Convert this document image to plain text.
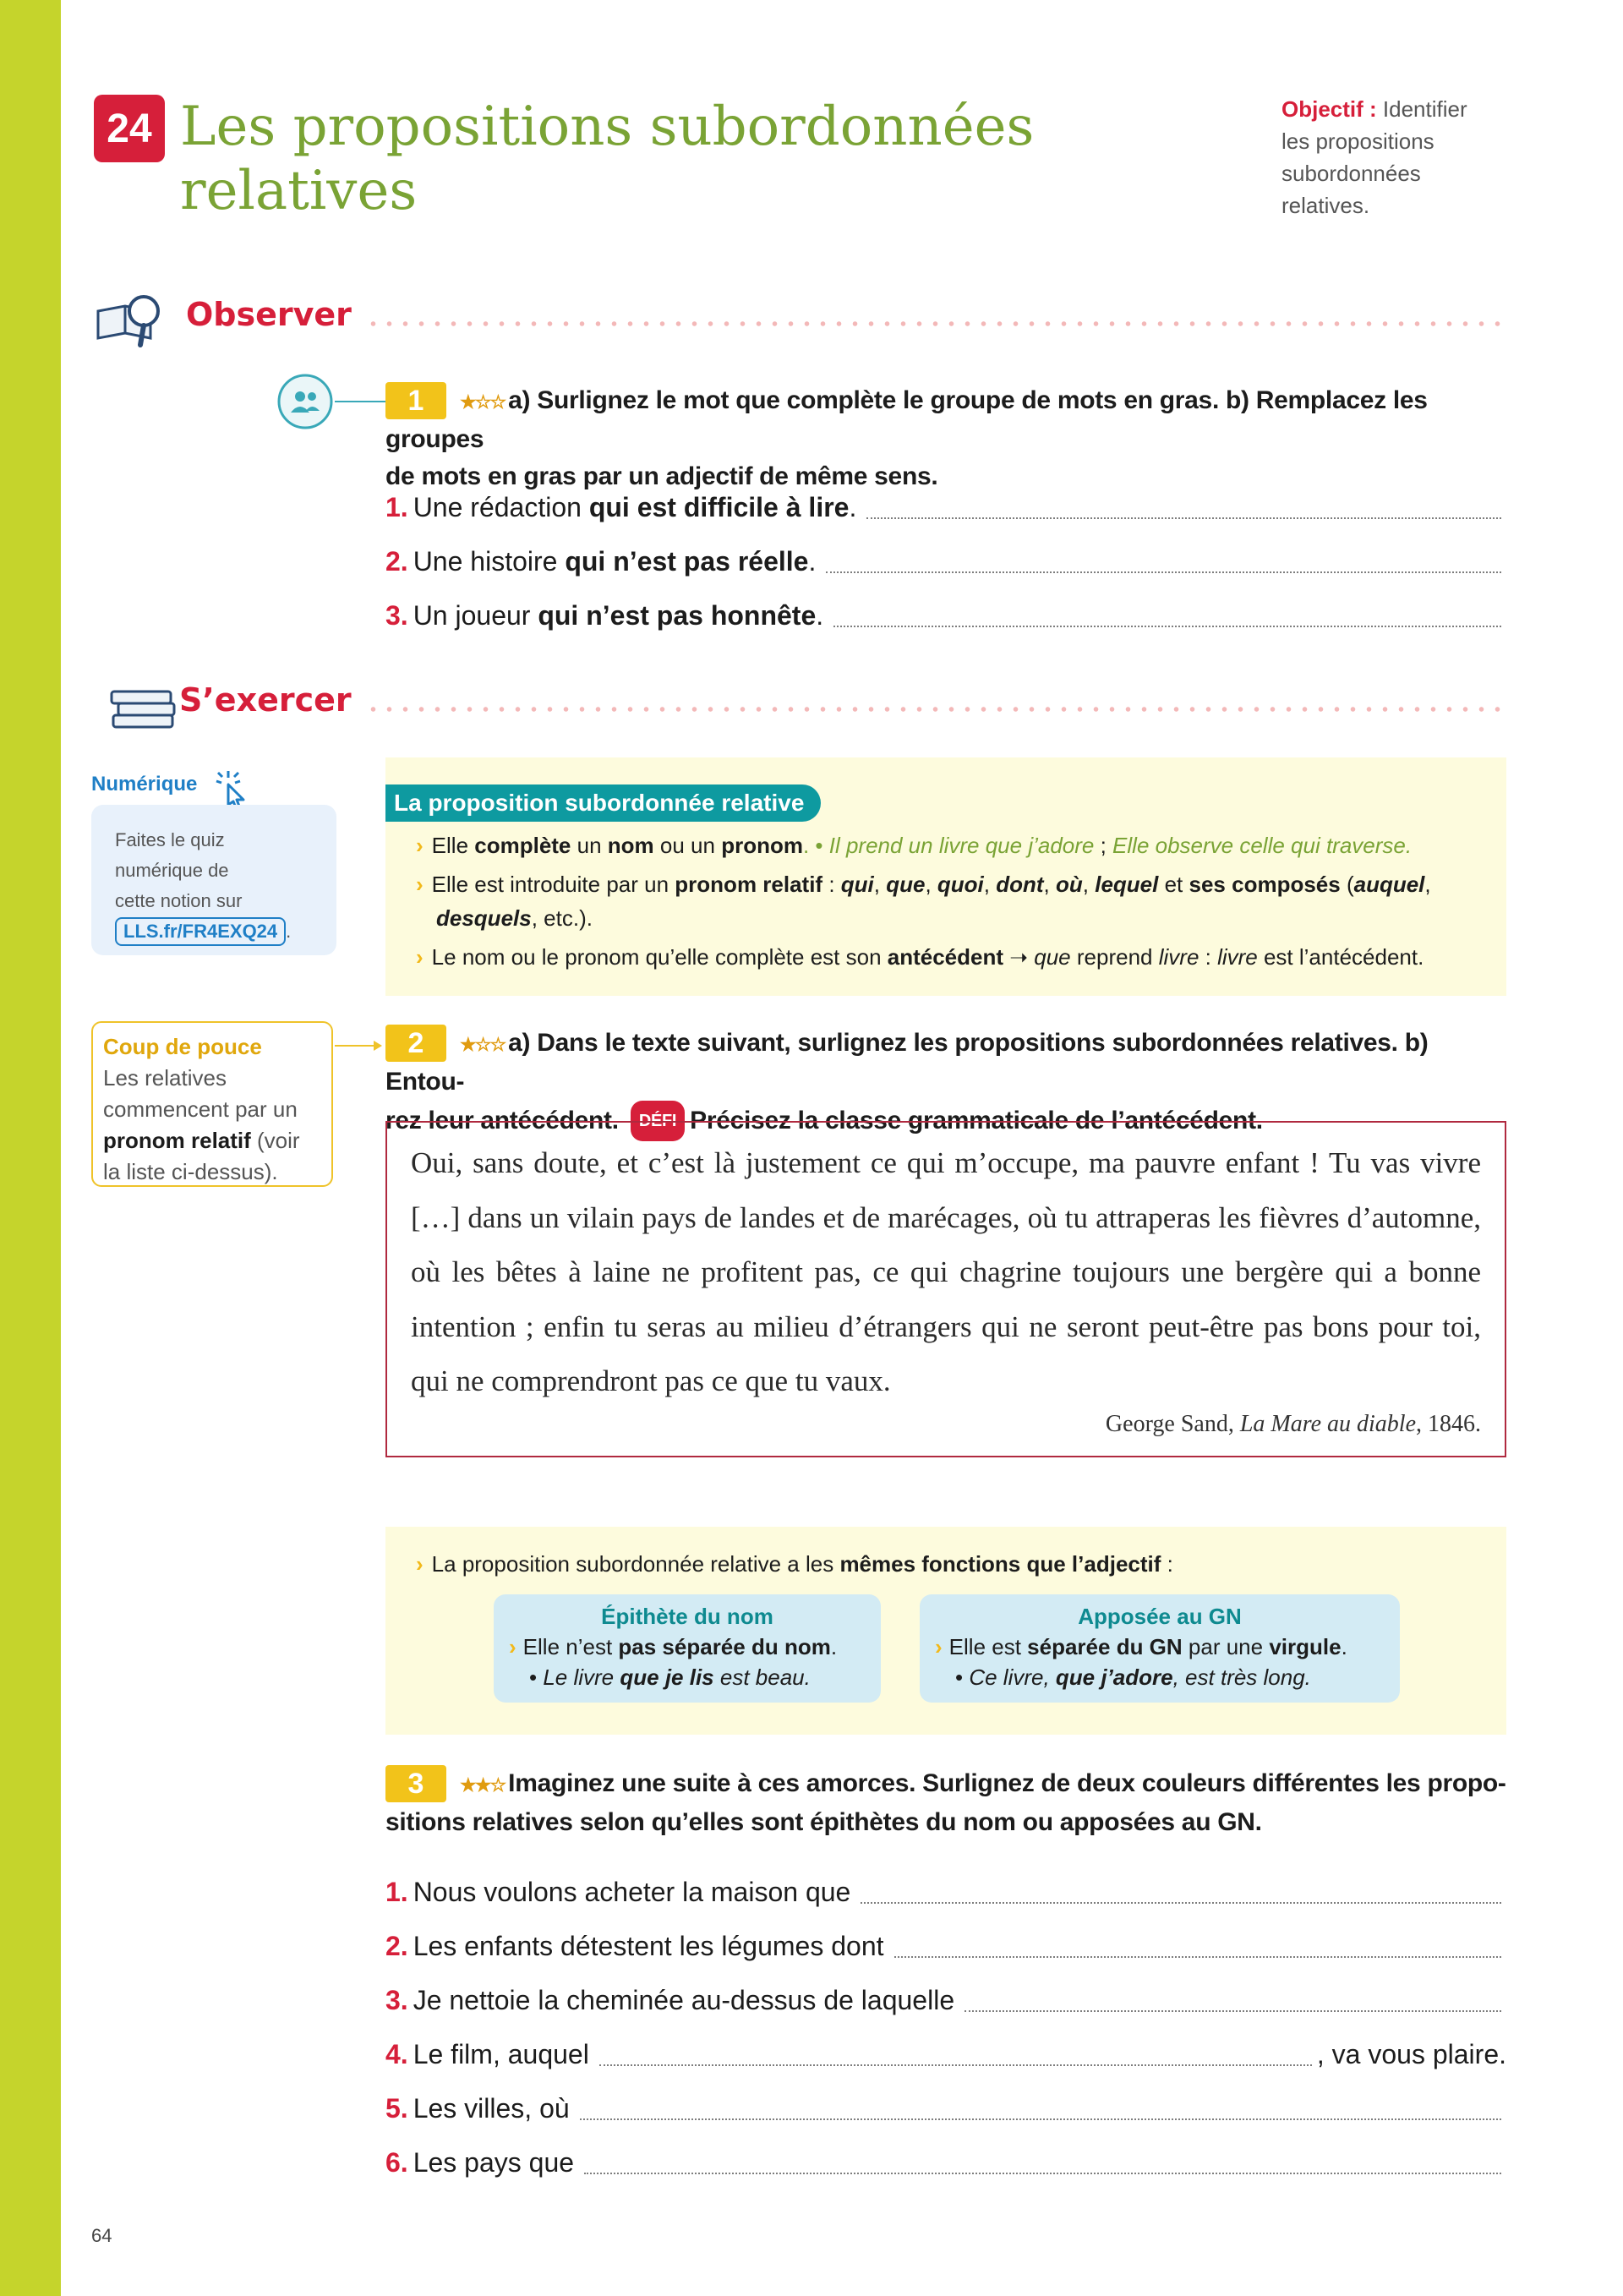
24 Les propositions subordonnées
relatives
Objectif : Identifier
les propositions
subordonnées
relatives.
Observer
1	★☆☆ a) Surlignez le mot que complète le groupe de mots en gras. b) Remplacez les groupes
de mots en gras par un adjectif de même sens.
1. Une rédaction qui est difficile à lire .
2. Une histoire qui n’est pas réelle .
3. Un joueur qui n’est pas honnête .
S’exercer
Numérique
Faites le quiz
numérique de
cette notion sur
LLS.fr/FR4EXQ24 .
La proposition subordonnée relative
› Elle complète un nom ou un pronom. • Il prend un livre que j’adore ; Elle observe celle qui traverse.
› Elle est introduite par un pronom relatif : qui, que, quoi, dont, où, lequel et ses composés (auquel,
desquels, etc.).
› Le nom ou le pronom qu’elle complète est son antécédent ➝ que reprend livre : livre est l’antécédent.
Coup de pouce
Les relatives
commencent par un
pronom relatif (voir
la liste ci-dessus).
2	★☆☆ a) Dans le texte suivant, surlignez les propositions subordonnées relatives. b) Entou-
rez leur antécédent. DÉFI Précisez la classe grammaticale de l’antécédent.

Oui, sans doute, et c’est là justement ce qui m’occupe, ma pauvre enfant ! Tu vas vivre

[…] dans un vilain pays de landes et de marécages, où tu attraperas les fièvres d’automne,

où les bêtes à laine ne profitent pas, ce qui chagrine toujours une bergère qui a bonne

intention ; enfin tu seras au milieu d’étrangers qui ne seront peut-être pas bons pour toi,

qui ne comprendront pas ce que tu vaux.

George Sand, La Mare au diable, 1846.
› La proposition subordonnée relative a les mêmes fonctions que l’adjectif :
Épithète du nom
› Elle n’est pas séparée du nom.
• Le livre que je lis est beau.
Apposée au GN
› Elle est séparée du GN par une virgule.
• Ce livre, que j’adore, est très long.
3	★★☆ Imaginez une suite à ces amorces. Surlignez de deux couleurs différentes les propo-
sitions relatives selon qu’elles sont épithètes du nom ou apposées au GN.
1. Nous voulons acheter la maison que
2. Les enfants détestent les légumes dont
3. Je nettoie la cheminée au-dessus de laquelle
4. Le film, auquel	, va vous plaire.
5. Les villes, où
6. Les pays que
64
